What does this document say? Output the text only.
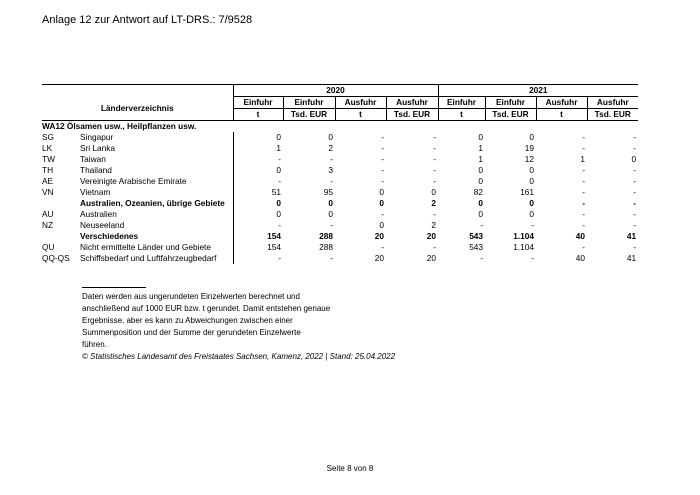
Anlage 12 zur Antwort auf LT-DRS.: 7/9528
		2020				2021			
Länderverzeichnis		Einfuhr	Einfuhr	Ausfuhr	Ausfuhr	Einfuhr	Einfuhr	Ausfuhr	Ausfuhr
		t	Tsd. EUR	t	Tsd. EUR	t	Tsd. EUR	t	Tsd. EUR
WA12 Ölsamen usw., Heilpflanzen usw.									
SG	Singapur	0	0	-	-	0	0	-	-
LK	Sri Lanka	1	2	-	-	1	19	-	-
TW	Taiwan	-	-	-	-	1	12	1	0
TH	Thailand	0	3	-	-	0	0	-	-
AE	Vereinigte Arabische Emirate	-	-	-	-	0	0	-	-
VN	Vietnam	51	95	0	0	82	161	-	-
	Australien, Ozeanien, übrige Gebiete	0	0	0	2	0	0	-	-
AU	Australien	0	0	-	-	0	0	-	-
NZ	Neuseeland	-	-	0	2	-	-	-	-
	Verschiedenes	154	288	20	20	543	1.104	40	41
QU	Nicht ermittelte Länder und Gebiete	154	288	-	-	543	1.104	-	-
QQ-QS	Schiffsbedarf und Luftfahrzeugbedarf	-	-	20	20	-	-	40	41
Daten werden aus ungerundeten Einzelwerten berechnet und
anschließend auf 1000 EUR bzw. t gerundet. Damit entstehen genaue
Ergebnisse, aber es kann zu Abweichungen zwischen einer
Summenposition und der Summe der gerundeten Einzelwerte
führen.
© Statistisches Landesamt des Freistaates Sachsen, Kamenz, 2022 | Stand: 25.04.2022
Seite 8 von 8
